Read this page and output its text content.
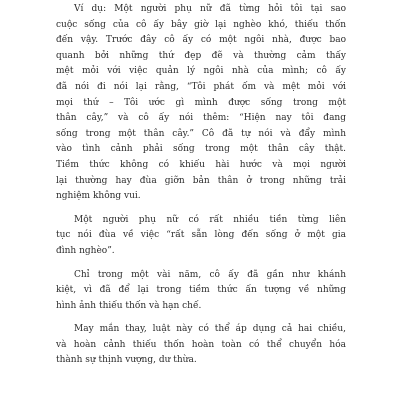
Ví dụ: Một người phụ nữ đã từng hỏi tôi tại sao
cuộc sống của cô ấy bây giờ lại nghèo khó, thiếu thốn
đến vậy. Trước đây cô ấy có một ngôi nhà, được bao
quanh bởi những thứ đẹp đẽ và thường cảm thấy
mệt mỏi với việc quản lý ngôi nhà của mình; cô ấy
đã nói đi nói lại rằng, “Tôi phát ốm và mệt mỏi với
mọi thứ – Tôi ước gì mình được sống trong một
thân cây,” và cô ấy nói thêm: “Hiện nay tôi đang
sống trong một thân cây.” Cô đã tự nói và đẩy mình
vào tình cảnh phải sống trong một thân cây thật.
Tiềm thức không có khiếu hài hước và mọi người
lại thường hay đùa giỡn bản thân ở trong những trải
nghiệm không vui.

Một người phụ nữ có rất nhiều tiền từng liên
tục nói đùa về việc “rất sẵn lòng đến sống ở một gia
đình nghèo”.

Chỉ trong một vài năm, cô ấy đã gần như khánh
kiệt, vì đã để lại trong tiềm thức ấn tượng về những
hình ảnh thiếu thốn và hạn chế.

May mắn thay, luật này có thể áp dụng cả hai chiều,
và hoàn cảnh thiếu thốn hoàn toàn có thể chuyển hóa
thành sự thịnh vượng, dư thừa.
